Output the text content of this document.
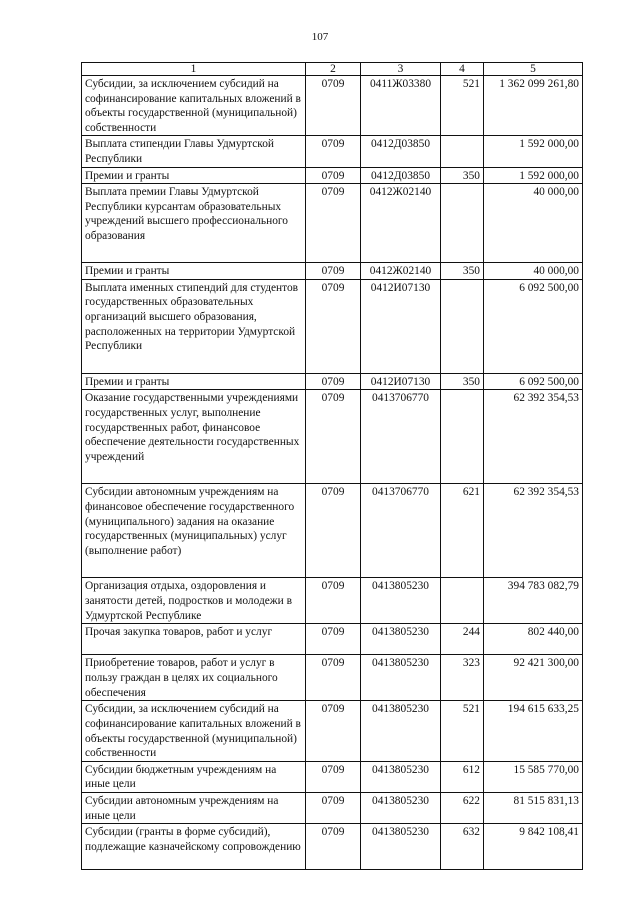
107
1	2	3	4	5
Субсидии, за исключением субсидий на софинансирование капитальных вложений в объекты государственной (муниципальной) собственности	0709	0411Ж03380	521	1 362 099 261,80
Выплата стипендии Главы Удмуртской Республики	0709	0412Д03850		1 592 000,00
Премии и гранты	0709	0412Д03850	350	1 592 000,00
Выплата премии Главы Удмуртской Республики курсантам образовательных учреждений высшего профессионального образования	0709	0412Ж02140		40 000,00
Премии и гранты	0709	0412Ж02140	350	40 000,00
Выплата именных стипендий для студентов государственных образовательных организаций высшего образования, расположенных на территории Удмуртской Республики	0709	0412И07130		6 092 500,00
Премии и гранты	0709	0412И07130	350	6 092 500,00
Оказание государственными учреждениями государственных услуг, выполнение государственных работ, финансовое обеспечение деятельности государственных учреждений	0709	0413706770		62 392 354,53
Субсидии автономным учреждениям на финансовое обеспечение государственного (муниципального) задания на оказание государственных (муниципальных) услуг (выполнение работ)	0709	0413706770	621	62 392 354,53
Организация отдыха, оздоровления и занятости детей, подростков и молодежи в Удмуртской Республике	0709	0413805230		394 783 082,79
Прочая закупка товаров, работ и услуг	0709	0413805230	244	802 440,00
Приобретение товаров, работ и услуг в пользу граждан в целях их социального обеспечения	0709	0413805230	323	92 421 300,00
Субсидии, за исключением субсидий на софинансирование капитальных вложений в объекты государственной (муниципальной) собственности	0709	0413805230	521	194 615 633,25
Субсидии бюджетным учреждениям на иные цели	0709	0413805230	612	15 585 770,00
Субсидии автономным учреждениям на иные цели	0709	0413805230	622	81 515 831,13
Субсидии (гранты в форме субсидий), подлежащие казначейскому сопровождению	0709	0413805230	632	9 842 108,41
